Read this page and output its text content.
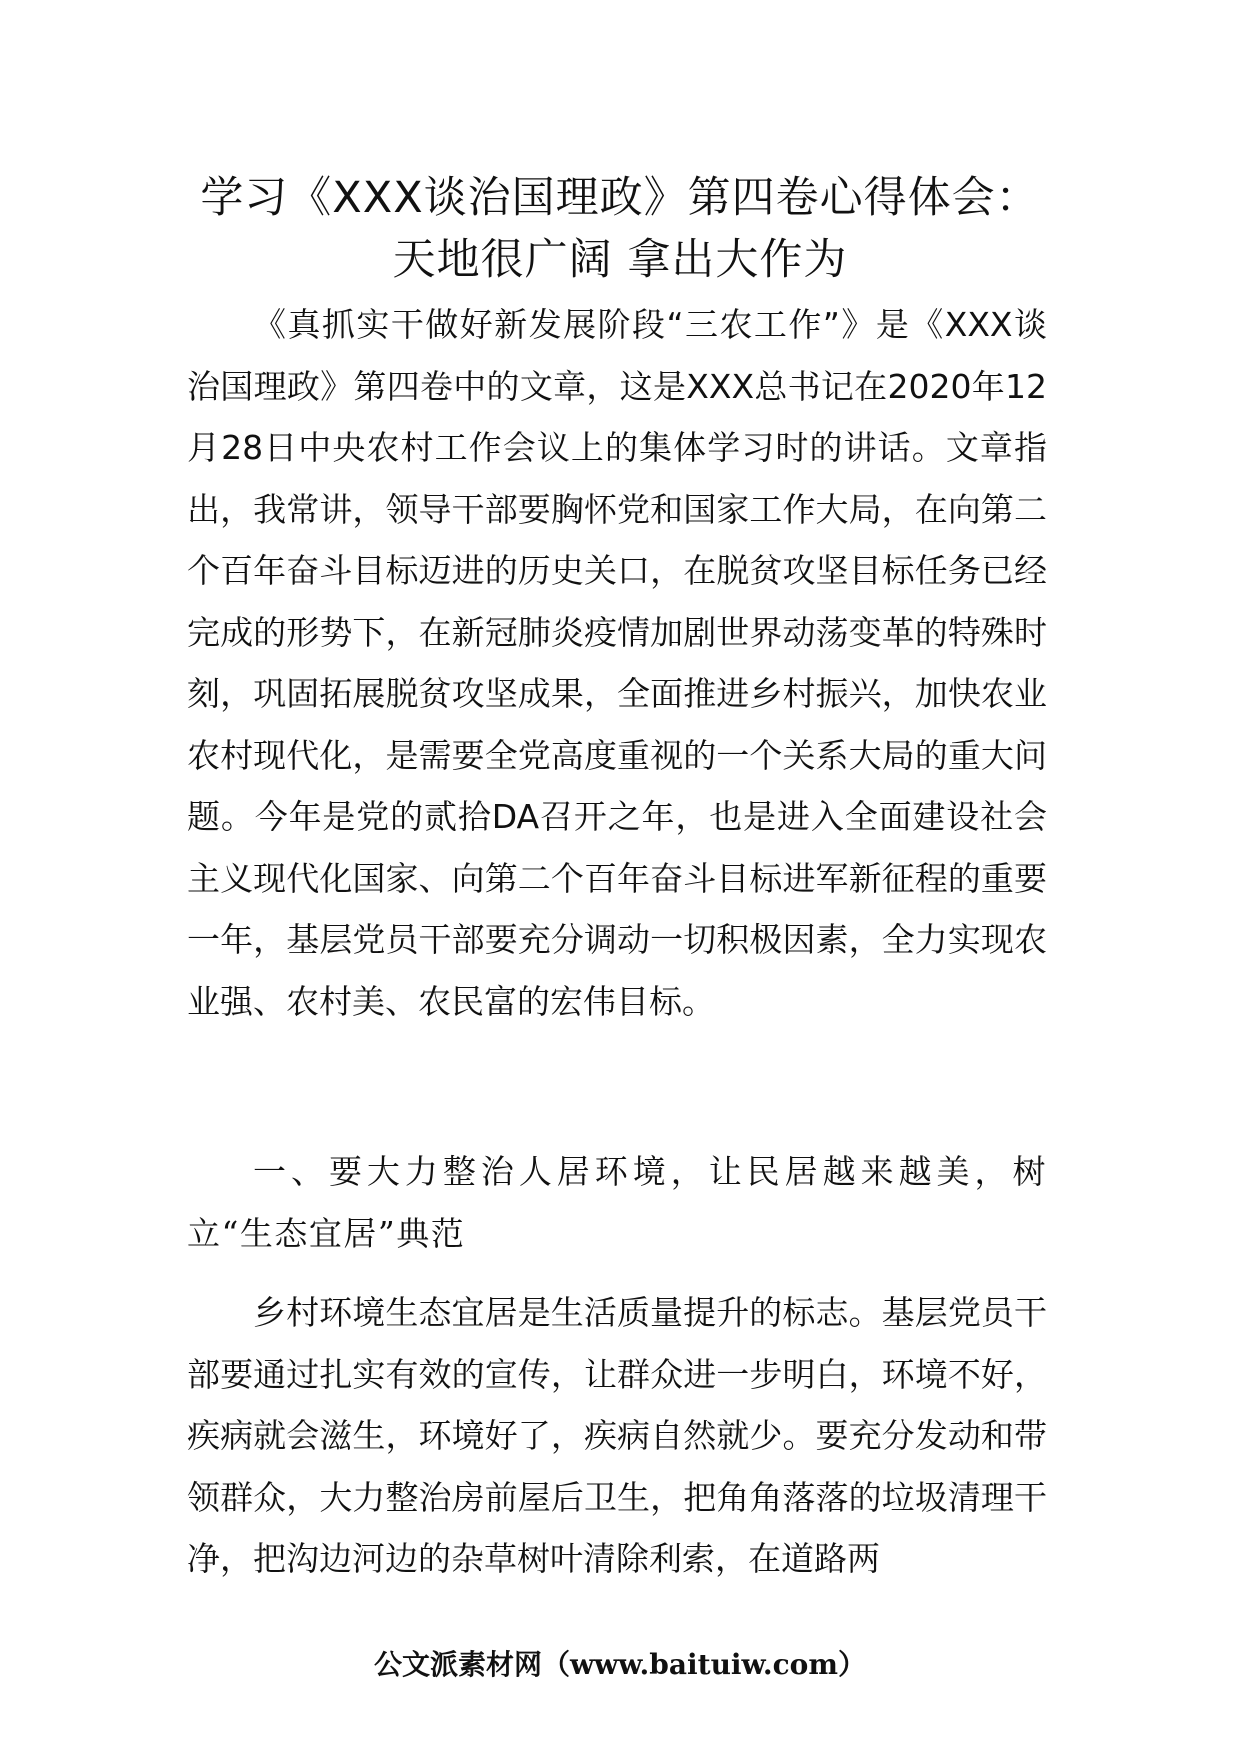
学习《XXX谈治国理政》第四卷心得体会：
天地很广阔 拿出大作为

《真抓实干做好新发展阶段“三农工作”》是《XXX谈治国理政》第四卷中的文章，这是XXX总书记在2020年12月28日中央农村工作会议上的集体学习时的讲话。文章指出，我常讲，领导干部要胸怀党和国家工作大局，在向第二个百年奋斗目标迈进的历史关口，在脱贫攻坚目标任务已经完成的形势下，在新冠肺炎疫情加剧世界动荡变革的特殊时刻，巩固拓展脱贫攻坚成果，全面推进乡村振兴，加快农业农村现代化，是需要全党高度重视的一个关系大局的重大问题。今年是党的贰拾DA召开之年，也是进入全面建设社会主义现代化国家、向第二个百年奋斗目标进军新征程的重要一年，基层党员干部要充分调动一切积极因素，全力实现农业强、农村美、农民富的宏伟目标。

一、要大力整治人居环境，让民居越来越美，树立“生态宜居”典范

乡村环境生态宜居是生活质量提升的标志。基层党员干部要通过扎实有效的宣传，让群众进一步明白，环境不好，疾病就会滋生，环境好了，疾病自然就少。要充分发动和带领群众，大力整治房前屋后卫生，把角角落落的垃圾清理干净，把沟边河边的杂草树叶清除利索，在道路两

公文派素材网（www.baituiw.com）
